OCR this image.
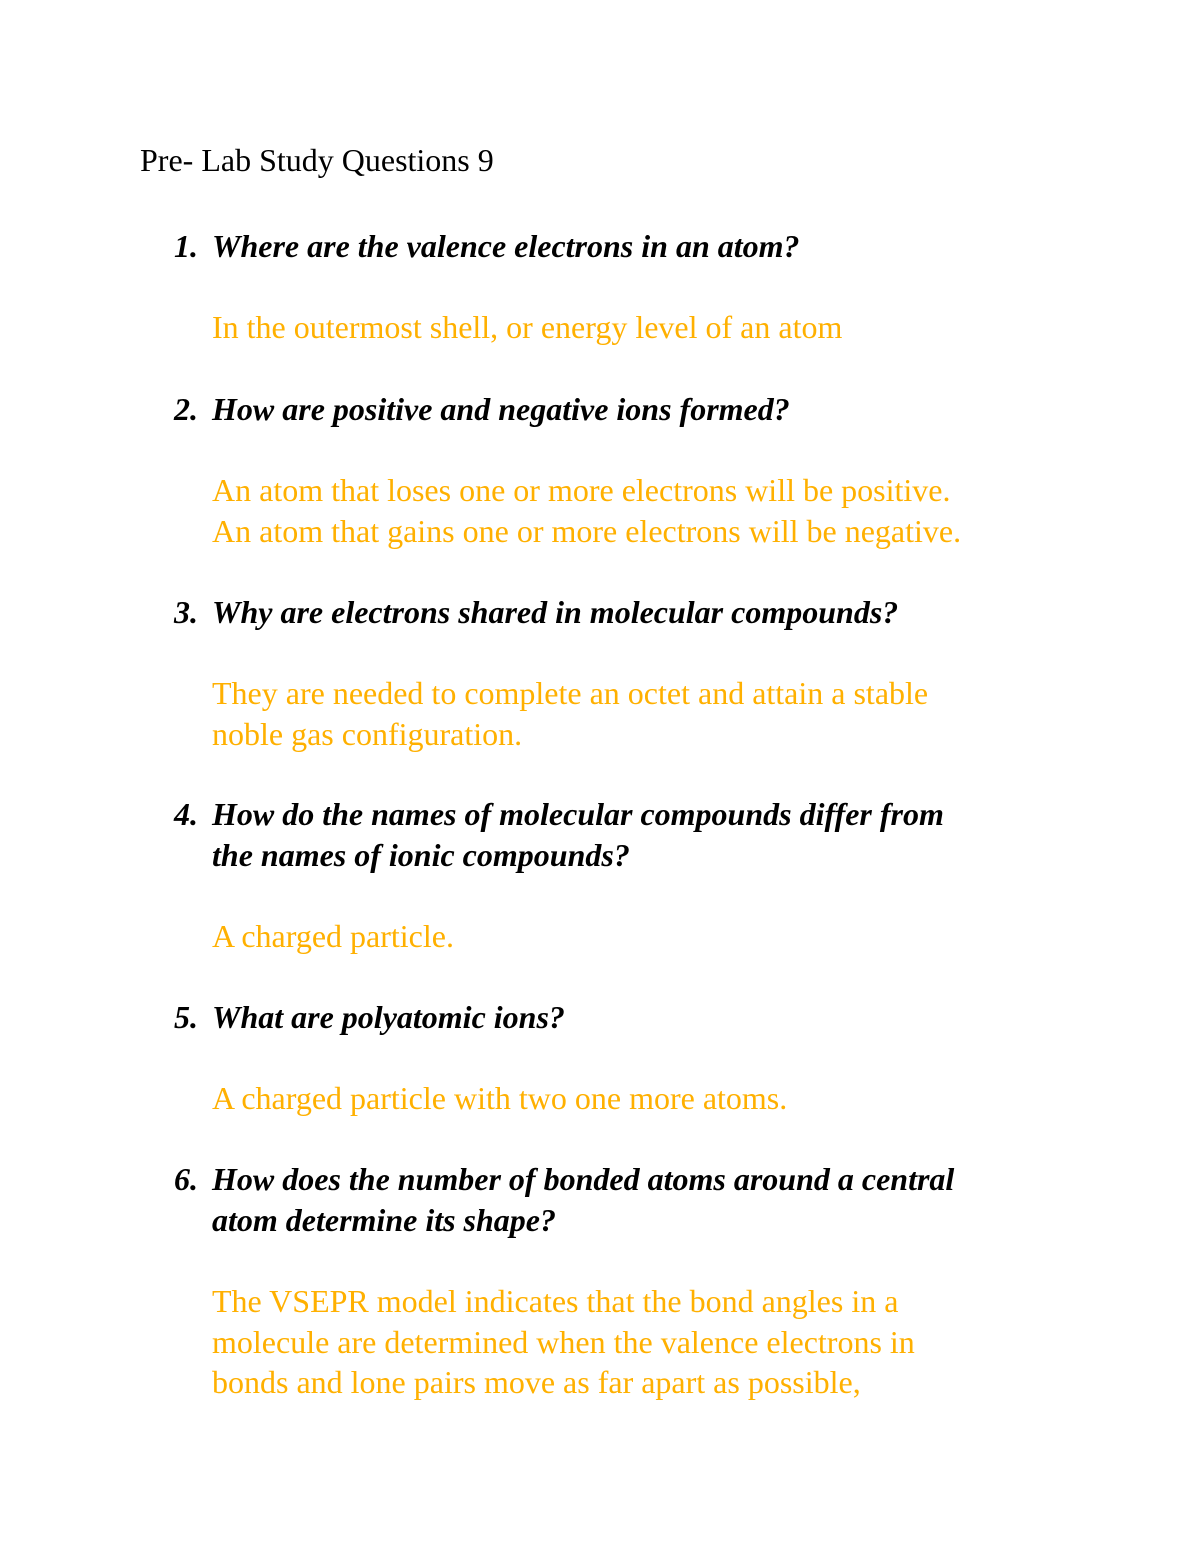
Pre- Lab Study Questions 9
1. Where are the valence electrons in an atom?
In the outermost shell, or energy level of an atom
2. How are positive and negative ions formed?
An atom that loses one or more electrons will be positive.
An atom that gains one or more electrons will be negative.
3. Why are electrons shared in molecular compounds?
They are needed to complete an octet and attain a stable
noble gas configuration.
4. How do the names of molecular compounds differ from
the names of ionic compounds?
A charged particle.
5. What are polyatomic ions?
A charged particle with two one more atoms.
6. How does the number of bonded atoms around a central
atom determine its shape?
The VSEPR model indicates that the bond angles in a
molecule are determined when the valence electrons in
bonds and lone pairs move as far apart as possible,
